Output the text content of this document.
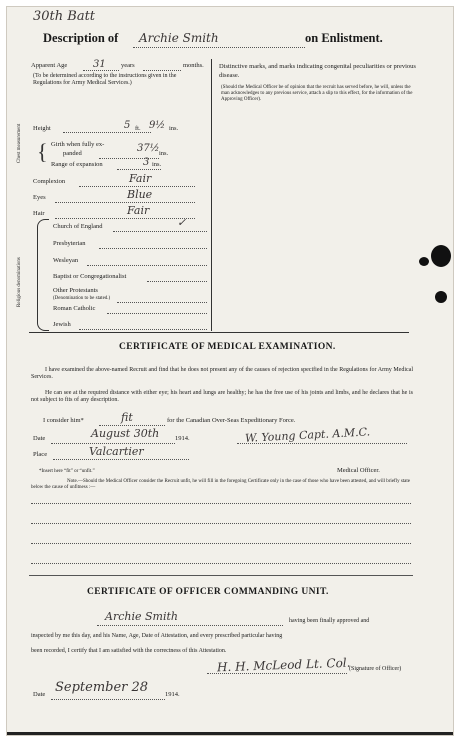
30th Batt
Description of Archie Smith	on Enlistment.
Apparent Age	31 years	months.
(To be determined according to the instructions given in the Regulations for Army Medical Services.)
Height	5 ft. 9½ ins.
Chest measurement { Girth when fully ex-
panded	37½ ins.
Range of expansion	3 ins.
Complexion	Fair
Eyes	Blue
Hair	Fair
Religious denominations
Church of England	✓
Presbyterian
Wesleyan
Baptist or Congregationalist
Other Protestants
(Denomination to be stated.)
Roman Catholic
Jewish
Distinctive marks, and marks indicating congenital peculiarities or previous disease.
(Should the Medical Officer be of opinion that the recruit has served before, he will, unless the man acknowledges to any previous service, attach a slip to this effect, for the information of the Approving Officer).
CERTIFICATE OF MEDICAL EXAMINATION.
I have examined the above-named Recruit and find that he does not present any of the causes of rejection specified in the Regulations for Army Medical Services.
He can see at the required distance with either eye; his heart and lungs are healthy; he has the free use of his joints and limbs, and he declares that he is not subject to fits of any description.
I consider him*	fit	for the Canadian Over-Seas Expeditionary Force.
Date	August 30th 1914.
Place	Valcartier
W. Young Capt. A.M.C.
Medical Officer.
*Insert here “fit” or “unfit.”
Note.—Should the Medical Officer consider the Recruit unfit, he will fill in the foregoing Certificate only in the case of those who have been attested, and will briefly state below the cause of unfitness :—
CERTIFICATE OF OFFICER COMMANDING UNIT.
Archie Smith	having been finally approved and
inspected by me this day, and his Name, Age, Date of Attestation, and every prescribed particular having
been recorded, I certify that I am satisfied with the correctness of this Attestation.
H. H. McLeod Lt. Col.
(Signature of Officer)
Date September 28	1914.
